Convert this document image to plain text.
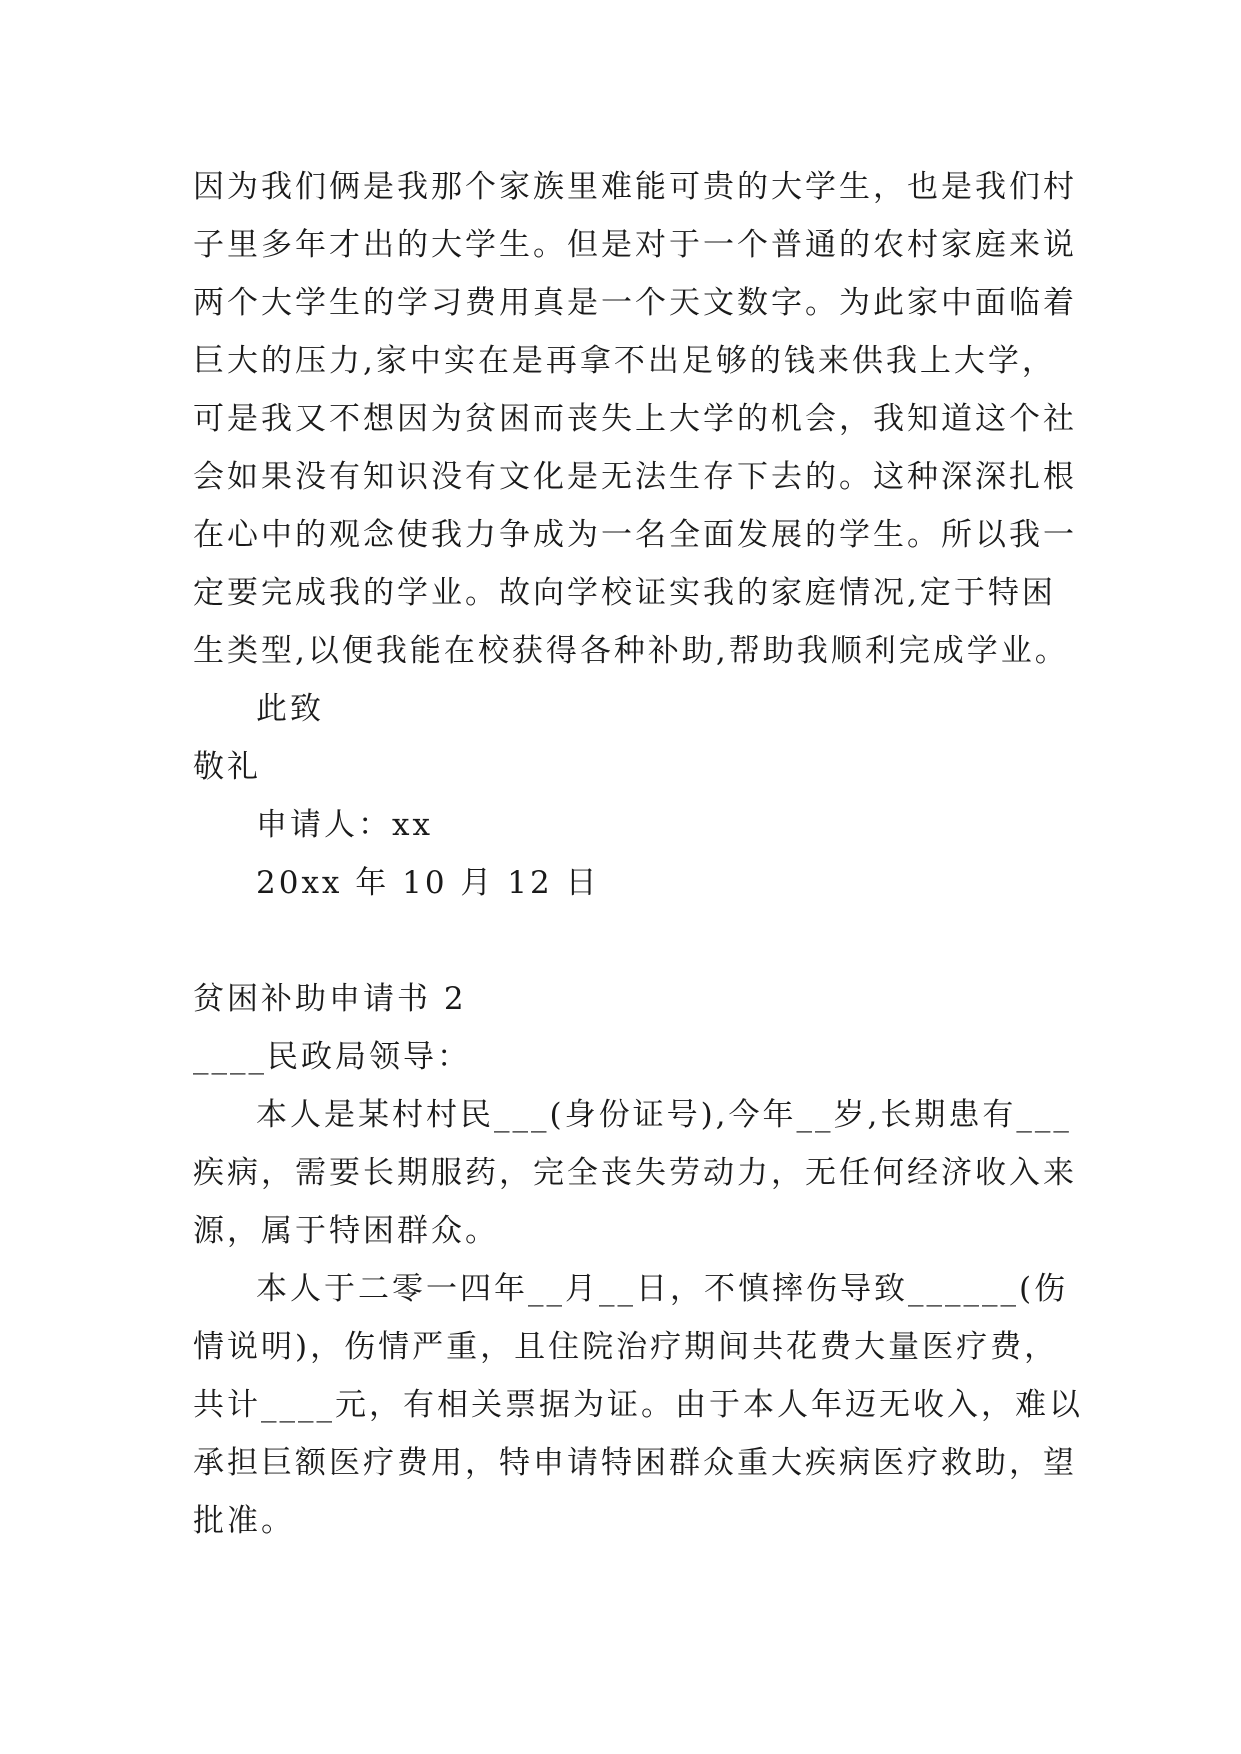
因为我们俩是我那个家族里难能可贵的大学生，也是我们村
子里多年才出的大学生。但是对于一个普通的农村家庭来说
两个大学生的学习费用真是一个天文数字。为此家中面临着
巨大的压力,家中实在是再拿不出足够的钱来供我上大学，
可是我又不想因为贫困而丧失上大学的机会，我知道这个社
会如果没有知识没有文化是无法生存下去的。这种深深扎根
在心中的观念使我力争成为一名全面发展的学生。所以我一
定要完成我的学业。故向学校证实我的家庭情况,定于特困
生类型,以便我能在校获得各种补助,帮助我顺利完成学业。
此致
敬礼
申请人：xx
20xx 年 10 月 12 日
贫困补助申请书 2
____民政局领导：
本人是某村村民___(身份证号),今年__岁,长期患有___
疾病，需要长期服药，完全丧失劳动力，无任何经济收入来
源，属于特困群众。
本人于二零一四年__月__日，不慎摔伤导致______(伤
情说明)，伤情严重，且住院治疗期间共花费大量医疗费，
共计____元，有相关票据为证。由于本人年迈无收入，难以
承担巨额医疗费用，特申请特困群众重大疾病医疗救助，望
批准。
